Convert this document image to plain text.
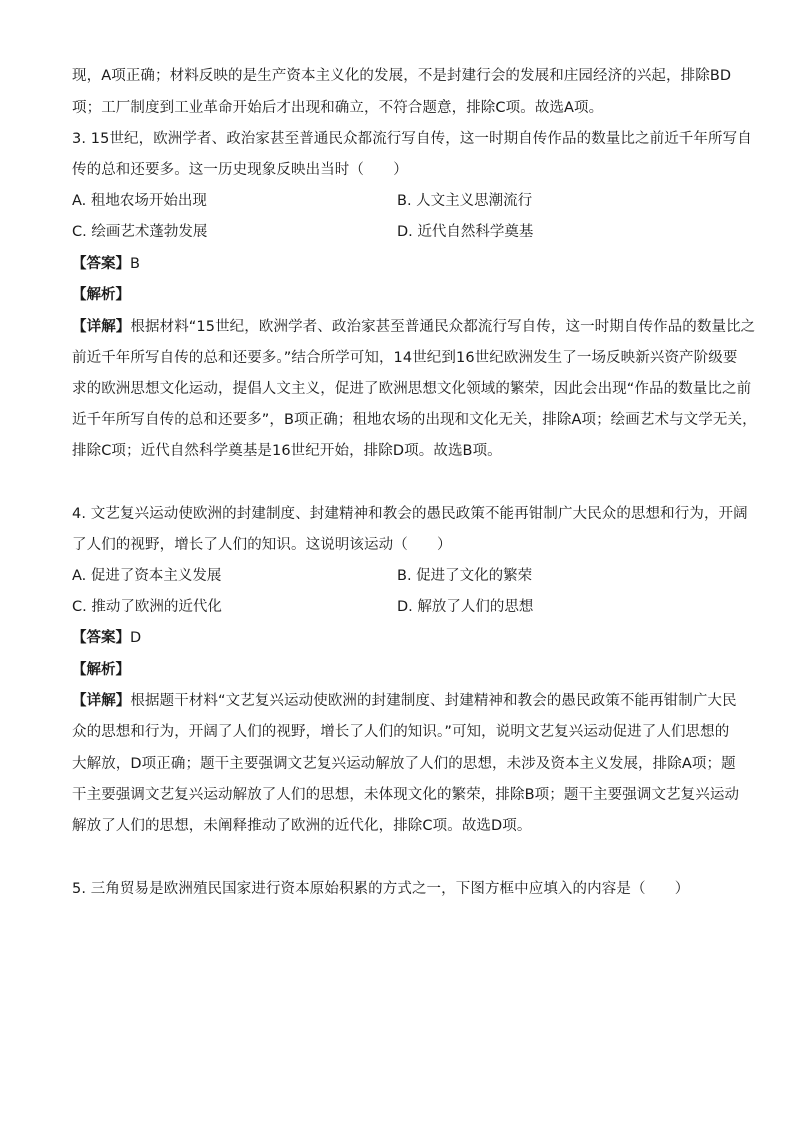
现，A项正确；材料反映的是生产资本主义化的发展，不是封建行会的发展和庄园经济的兴起，排除BD
项；工厂制度到工业革命开始后才出现和确立，不符合题意，排除C项。故选A项。
3. 15世纪，欧洲学者、政治家甚至普通民众都流行写自传，这一时期自传作品的数量比之前近千年所写自
传的总和还要多。这一历史现象反映出当时（　　）
A. 租地农场开始出现	B. 人文主义思潮流行
C. 绘画艺术蓬勃发展	D. 近代自然科学奠基
【答案】B
【解析】
【详解】根据材料“15世纪，欧洲学者、政治家甚至普通民众都流行写自传，这一时期自传作品的数量比之
前近千年所写自传的总和还要多。”结合所学可知，14世纪到16世纪欧洲发生了一场反映新兴资产阶级要
求的欧洲思想文化运动，提倡人文主义，促进了欧洲思想文化领域的繁荣，因此会出现“作品的数量比之前
近千年所写自传的总和还要多”，B项正确；租地农场的出现和文化无关，排除A项；绘画艺术与文学无关，
排除C项；近代自然科学奠基是16世纪开始，排除D项。故选B项。
4. 文艺复兴运动使欧洲的封建制度、封建精神和教会的愚民政策不能再钳制广大民众的思想和行为，开阔
了人们的视野，增长了人们的知识。这说明该运动（　　）
A. 促进了资本主义发展	B. 促进了文化的繁荣
C. 推动了欧洲的近代化	D. 解放了人们的思想
【答案】D
【解析】
【详解】根据题干材料“文艺复兴运动使欧洲的封建制度、封建精神和教会的愚民政策不能再钳制广大民
众的思想和行为，开阔了人们的视野，增长了人们的知识。”可知，说明文艺复兴运动促进了人们思想的
大解放，D项正确；题干主要强调文艺复兴运动解放了人们的思想，未涉及资本主义发展，排除A项；题
干主要强调文艺复兴运动解放了人们的思想，未体现文化的繁荣，排除B项；题干主要强调文艺复兴运动
解放了人们的思想，未阐释推动了欧洲的近代化，排除C项。故选D项。
5. 三角贸易是欧洲殖民国家进行资本原始积累的方式之一，下图方框中应填入的内容是（　　）
